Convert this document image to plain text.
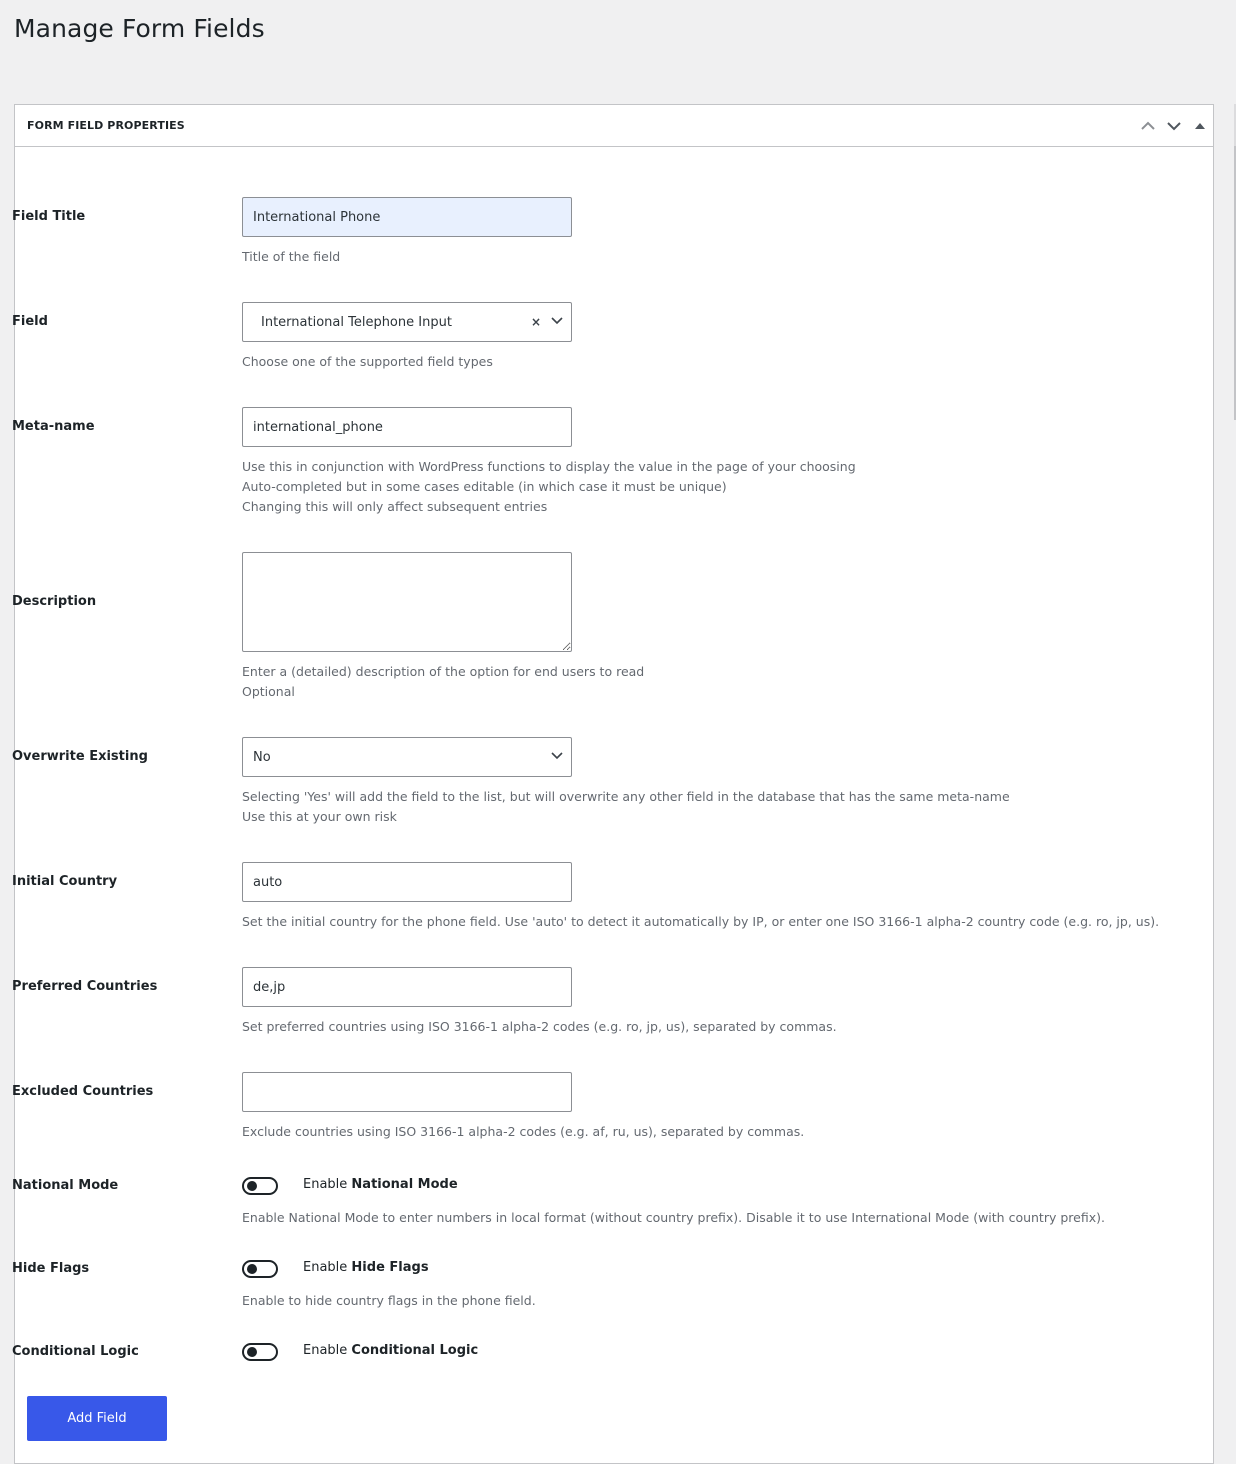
Manage Form Fields
FORM FIELD PROPERTIES
Field Title
International Phone
Title of the field
Field	International Telephone Input	×
Choose one of the supported field types
Meta-name
international_phone
Use this in conjunction with WordPress functions to display the value in the page of your choosing
Auto-completed but in some cases editable (in which case it must be unique)
Changing this will only affect subsequent entries
Description
Enter a (detailed) description of the option for end users to read
Optional
Overwrite Existing	No
Selecting 'Yes' will add the field to the list, but will overwrite any other field in the database that has the same meta-name
Use this at your own risk
Initial Country
auto
Set the initial country for the phone field. Use 'auto' to detect it automatically by IP, or enter one ISO 3166-1 alpha-2 country code (e.g. ro, jp, us).
Preferred Countries
de,jp
Set preferred countries using ISO 3166-1 alpha-2 codes (e.g. ro, jp, us), separated by commas.
Excluded Countries
Exclude countries using ISO 3166-1 alpha-2 codes (e.g. af, ru, us), separated by commas.
National Mode	Enable National Mode
Enable National Mode to enter numbers in local format (without country prefix). Disable it to use International Mode (with country prefix).
Hide Flags	Enable Hide Flags
Enable to hide country flags in the phone field.
Conditional Logic	Enable Conditional Logic
Add Field
